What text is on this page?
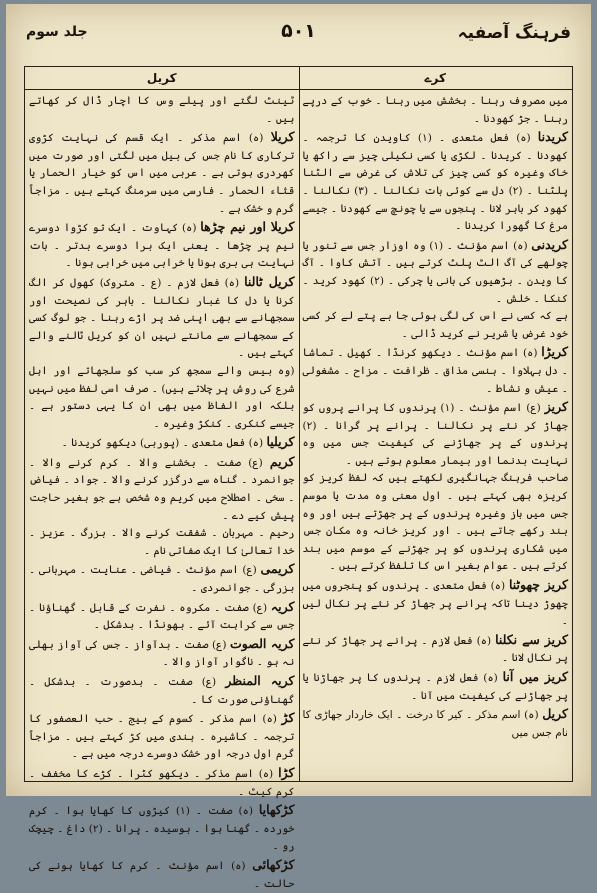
فرہنگ آصفیہ
۵۰۱
جلد سوم
کرے
کریل

میں مصروف رہنا ۔ بخشش میں رہنا ۔ خوب کے درپے رہنا ۔ جڑ کھودنا ۔

کریدنا (ہ) فعل متعدی ۔ (۱) کاویدن کا ترجمہ ۔ کھودنا ۔ کریدنا ۔ لکڑی یا کسی نکیلی چیز سے راکھ یا خاک وغیرہ کو کسی چیز کی تلاش کی غرض سے الٹنا پلٹنا ۔ (۲) دل سے کوئی بات نکالنا ۔ (۳) نکالنا ۔ کھود کر باہر لانا ۔ پنجوں سے یا چونچ سے کھودنا ۔ جیسے مرغ کا گھورا کریدنا ۔

کریدنی (ہ) اسم مؤنث ۔ (۱) وہ اوزار جس سے تنور یا چولھے کی آگ الٹ پلٹ کرتے ہیں ۔ آتش کاوا ۔ آگ کا ویدن ۔ بڑھیوں کی بانی یا چرکی ۔ (۲) کھود کرید ۔ کنکا ۔ خلش ۔

ہے کہ کسی نے اس کی لگی ہوئی جا بے پتے لے کر کسی خود غرض یا شریر نے کرید ڈالی ۔

کریڑا (ہ) اسم مؤنث ۔ دیکھو کرنڈا ۔ کھیل ۔ تماشا ۔ دل بہلاوا ۔ ہنسی مذاق ۔ ظرافت ۔ مزاح ۔ مشغولی ۔ عیش و نشاط ۔

کریز (ع) اسم مؤنث ۔ (۱) پرندوں کا پرانے پروں کو جھاڑ کر نئے پر نکالنا ۔ پرانے پر گرانا ۔ (۲) پرندوں کے پر جھاڑنے کی کیفیت جس میں وہ نہایت بدنما اور بیمار معلوم ہوتے ہیں ۔

صاحب فرہنگ جہانگیری لکھتے ہیں کہ لفظ کریز کو کریزہ بھی کہتے ہیں ۔ اول معنی وہ مدت یا موسم جس میں باز وغیرہ پرندوں کے پر جھڑتے ہیں اور وہ بند رکھے جاتے ہیں ۔ اور کریز خانہ وہ مکان جس میں شکاری پرندوں کو پر جھڑنے کے موسم میں بند کرتے ہیں ۔ عوام بغیر اس کا تلفظ کرتے ہیں ۔

کریز چھوٹنا (ہ) فعل متعدی ۔ پرندوں کو پنجروں میں چھوڑ دینا تاکہ پرانے پر جھاڑ کر نئے پر نکال لیں ۔

کریز سے نکلنا (ہ) فعل لازم ۔ پرانے پر جھاڑ کر نئے پر نکال لانا ۔

کریز میں آنا (ہ) فعل لازم ۔ پرندوں کا پر جھاڑنا یا پر جھاڑنے کی کیفیت میں آنا ۔

کریل (ہ) اسم مذکر ۔ کیر کا درخت ۔ ایک خاردار جھاڑی کا نام جس میں

ٹینٹ لگتے اور پیلے وس کا اچار ڈال کر کھاتے ہیں ۔

کریلا (ہ) اسم مذکر ۔ ایک قسم کی نہایت کڑوی ترکاری کا نام جس کی بیل میں لگتی اور صورت میں کھردری ہوتی ہے ۔ عربی میں اس کو خیار الحمار یا قثاء الحمار ۔ فارسی میں سرمنگ کہتے ہیں ۔ مزاجاً گرم و خشک ہے ۔

کریلا اور نیم چڑھا (ہ) کہاوت ۔ ایک تو کڑوا دوسرے نیم پر چڑھا ۔ یعنی ایک برا دوسرے بدتر ۔ بات نہایت ہی بری ہونا یا خرابی میں خرابی ہونا ۔

کریل ٹالنا (ہ) فعل لازم ۔ (ع ۔ متروک) کھول کر الگ کرنا یا دل کا غبار نکالنا ۔ باہر کی نصیحت اور سمجھانے سے بھی اپنی ضد پر اڑے رہنا ۔ جو لوگ کسی کے سمجھانے سے مانتے نہیں ان کو کریل ٹالنے والے کہتے ہیں ۔

(وہ بیس والے سمجھ کر سب کو سلجھاتے اور اہل شرع کی روش پر چلاتے ہیں) ۔ صرف اسی لفظ میں نہیں بلکہ اور الفاظ میں بھی ان کا یہی دستور ہے ۔ جیسے کنکری ۔ کنکڑ وغیرہ ۔

کریلیا (ہ) فعل متعدی ۔ (پوربی) دیکھو کریدنا ۔

کریم (ع) صفت ۔ بخشنے والا ۔ کرم کرنے والا ۔ جوانمرد ۔ گناہ سے درگزر کرنے والا ۔ جواد ۔ فیاض ۔ سخی ۔ اصطلاح میں کریم وہ شخص ہے جو بغیر حاجت پیش کیے دے ۔

رحیم ۔ مہربان ۔ شفقت کرنے والا ۔ بزرگ ۔ عزیز ۔ خدا تعالیٰ کا ایک صفاتی نام ۔

کریمی (ع) اسم مؤنث ۔ فیاضی ۔ عنایت ۔ مہربانی ۔ بزرگی ۔ جوانمردی ۔

کریہ (ع) صفت ۔ مکروہ ۔ نفرت کے قابل ۔ گھناؤنا ۔ جس سے کراہت آئے ۔ بھونڈا ۔ بدشکل ۔

کریہ الصوت (ع) صفت ۔ بدآواز ۔ جس کی آواز بھلی نہ ہو ۔ ناگوار آواز والا ۔

کریہ المنظر (ع) صفت ۔ بدصورت ۔ بدشکل ۔ گھناؤنی صورت کا ۔

کڑ (ہ) اسم مذکر ۔ کسوم کے بیج ۔ حب العصفور کا ترجمہ ۔ کاشیرہ ۔ ہندی میں کڑ کہتے ہیں ۔ مزاجاً گرم اول درجہ اور خشک دوسرے درجہ میں ہے ۔

کڑا (ہ) اسم مذکر ۔ دیکھو کٹرا ۔ کڑے کا مخفف ۔ کرم کیٹ ۔

کڑکھایا (ہ) صفت ۔ (۱) کیڑوں کا کھایا ہوا ۔ کرم خوردہ ۔ گھنا ہوا ۔ بوسیدہ ۔ پرانا ۔ (۲) داغ ۔ چیچک رو ۔

کڑکھائی (ہ) اسم مؤنث ۔ کرم کا کھایا ہونے کی حالت ۔
